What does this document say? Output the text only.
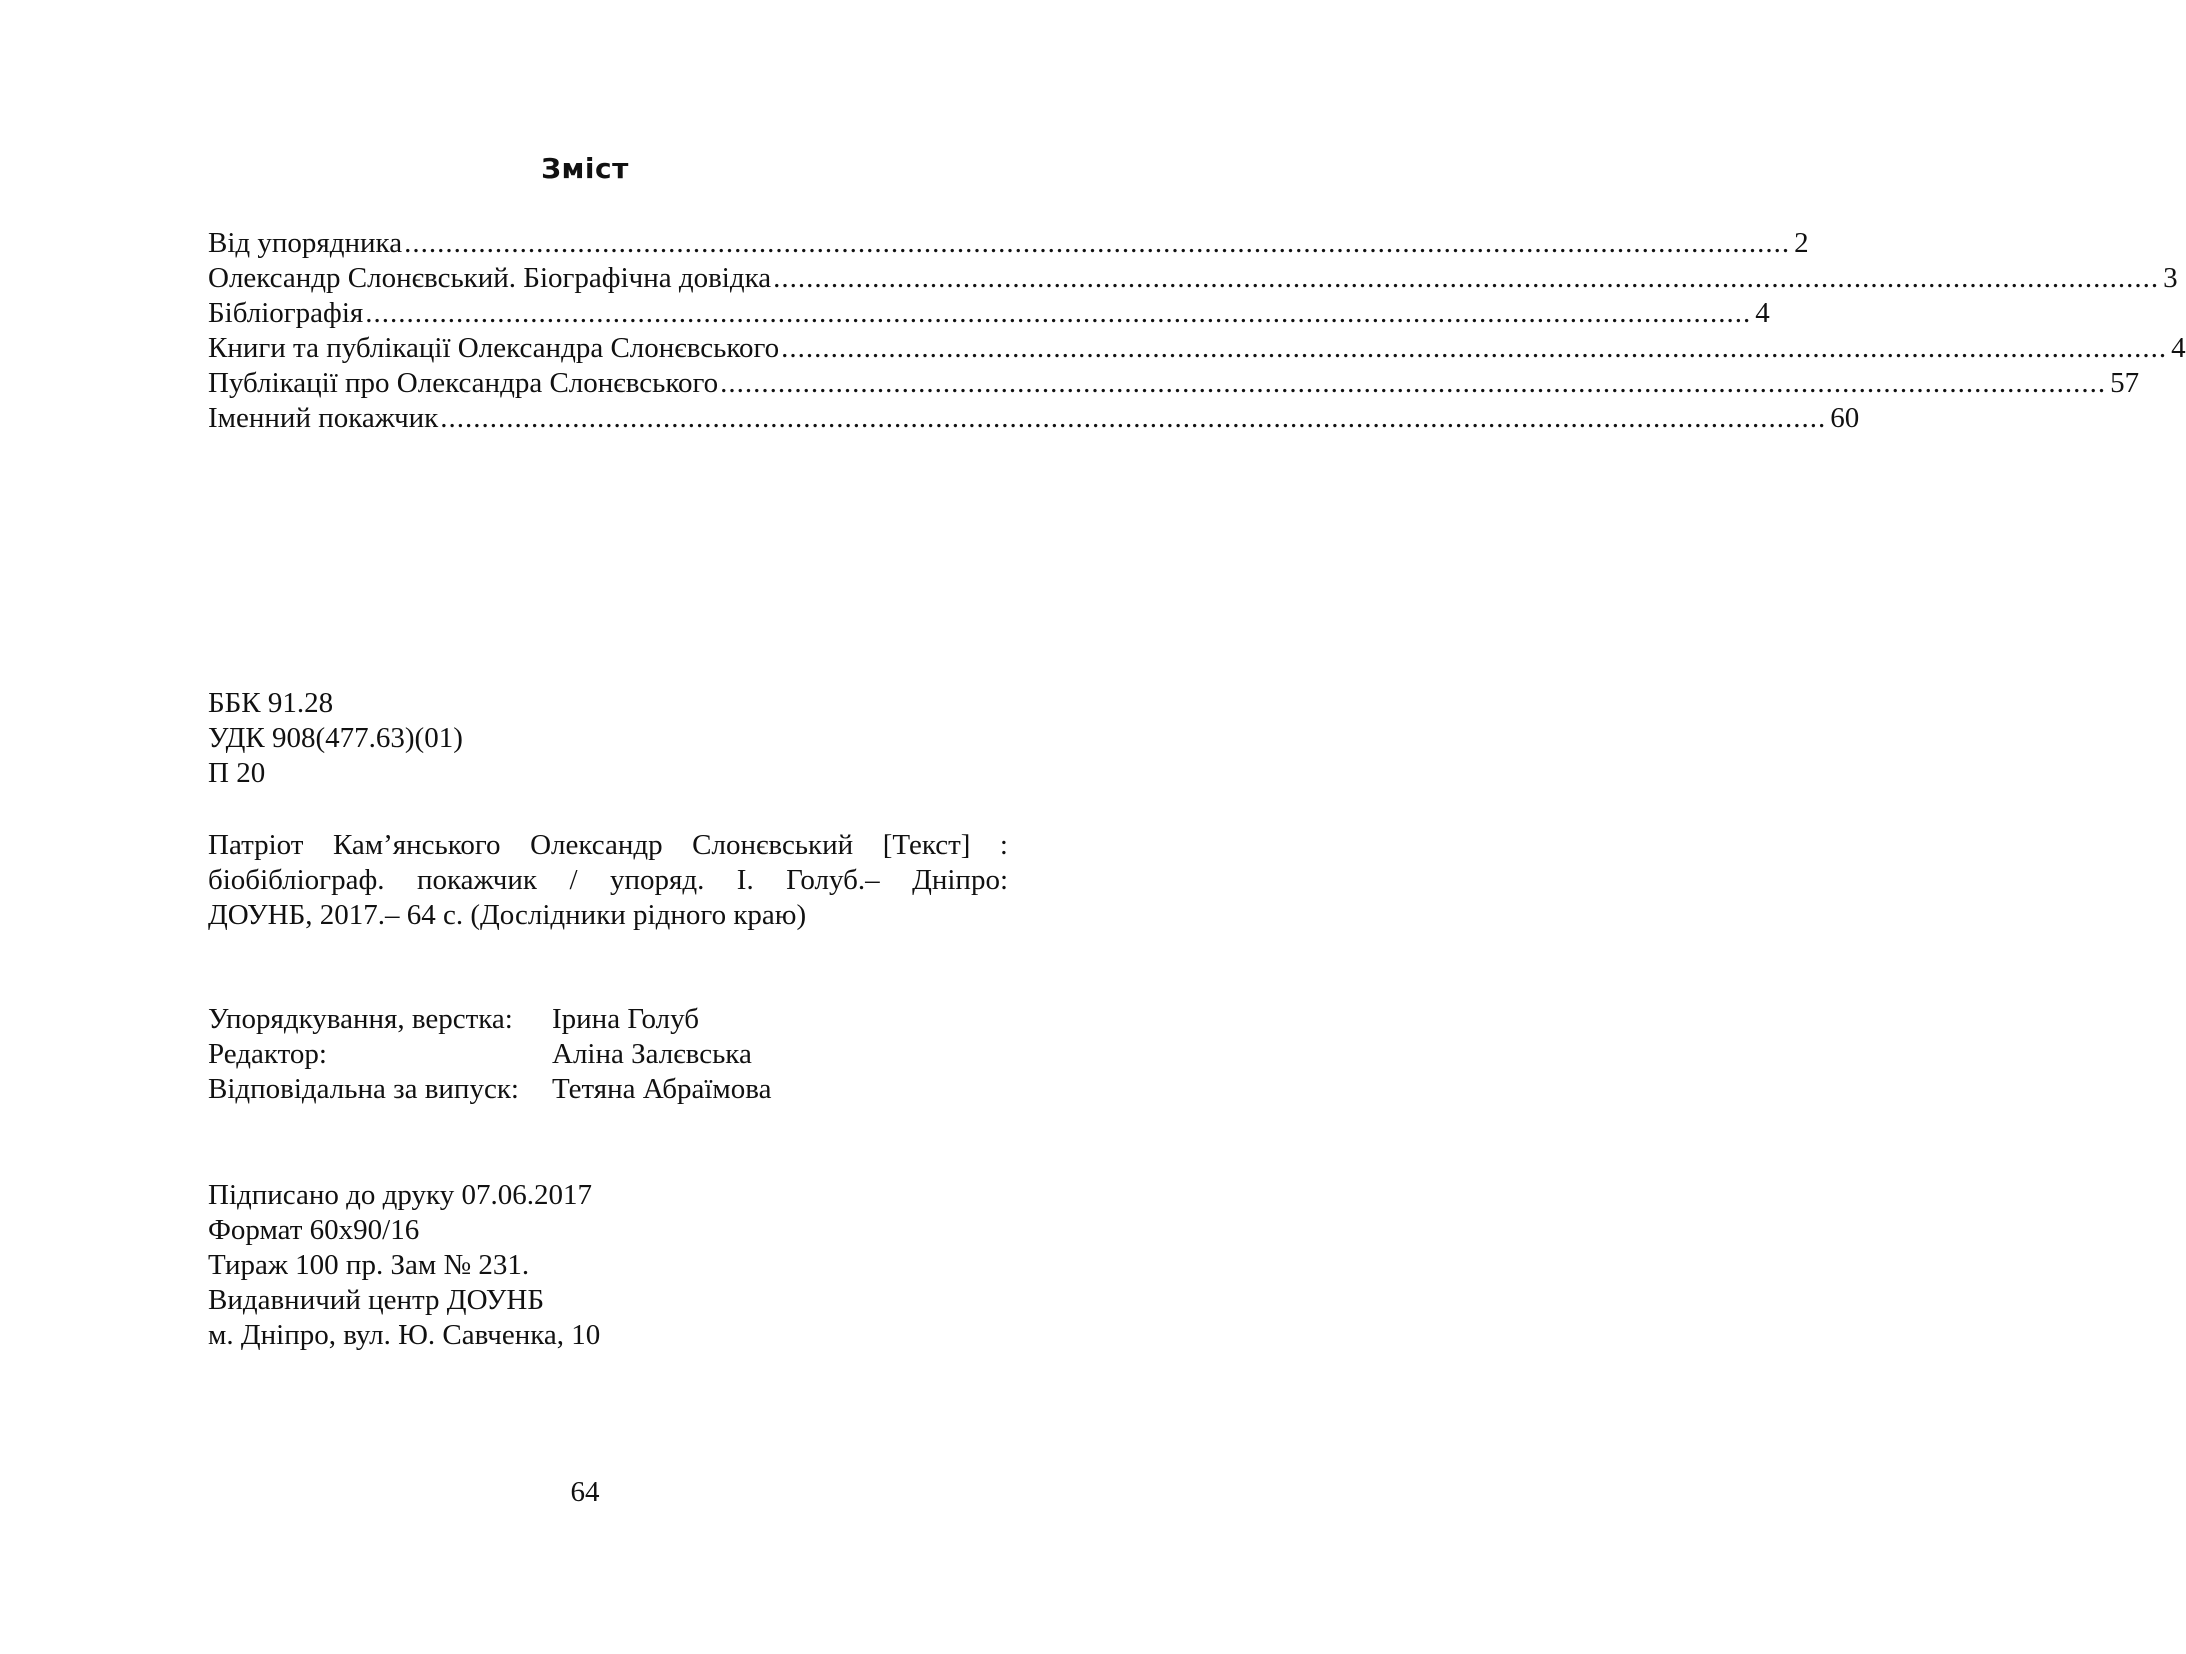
Зміст
Від упорядника ........................................................................................................................................................................ 2
Олександр Слонєвський. Біографічна довідка ........................................................................................................................................................................ 3
Бібліографія ........................................................................................................................................................................ 4
Книги та публікації Олександра Слонєвського ........................................................................................................................................................................ 4
Публікації про Олександра Слонєвського ........................................................................................................................................................................ 57
Іменний покажчик ........................................................................................................................................................................ 60
ББК 91.28
УДК 908(477.63)(01)
П 20
Патріот Кам’янського Олександр Слонєвський [Текст] :
біобібліограф. покажчик / упоряд. І. Голуб.– Дніпро:
ДОУНБ, 2017.– 64 с. (Дослідники рідного краю)
Упорядкування, верстка:	Ірина Голуб
Редактор:	Аліна Залєвська
Відповідальна за випуск:	Тетяна Абраїмова
Підписано до друку 07.06.2017
Формат 60х90/16
Тираж 100 пр. Зам № 231.
Видавничий центр ДОУНБ
м. Дніпро, вул. Ю. Савченка, 10
64
